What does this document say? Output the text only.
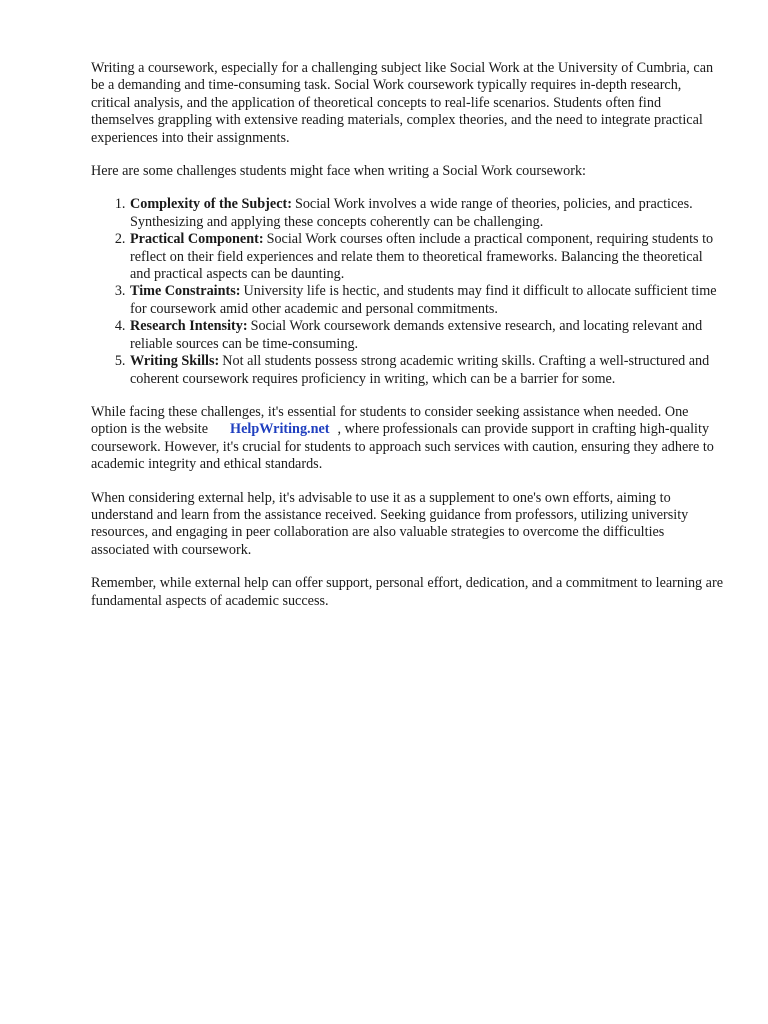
Writing a coursework, especially for a challenging subject like Social Work at the University of Cumbria, can be a demanding and time-consuming task. Social Work coursework typically requires in-depth research, critical analysis, and the application of theoretical concepts to real-life scenarios. Students often find themselves grappling with extensive reading materials, complex theories, and the need to integrate practical experiences into their assignments.

Here are some challenges students might face when writing a Social Work coursework:

1. Complexity of the Subject: Social Work involves a wide range of theories, policies, and practices. Synthesizing and applying these concepts coherently can be challenging.
2. Practical Component: Social Work courses often include a practical component, requiring students to reflect on their field experiences and relate them to theoretical frameworks. Balancing the theoretical and practical aspects can be daunting.
3. Time Constraints: University life is hectic, and students may find it difficult to allocate sufficient time for coursework amid other academic and personal commitments.
4. Research Intensity: Social Work coursework demands extensive research, and locating relevant and reliable sources can be time-consuming.
5. Writing Skills: Not all students possess strong academic writing skills. Crafting a well-structured and coherent coursework requires proficiency in writing, which can be a barrier for some.

While facing these challenges, it's essential for students to consider seeking assistance when needed. One option is the website HelpWriting.net , where professionals can provide support in crafting high-quality coursework. However, it's crucial for students to approach such services with caution, ensuring they adhere to academic integrity and ethical standards.

When considering external help, it's advisable to use it as a supplement to one's own efforts, aiming to understand and learn from the assistance received. Seeking guidance from professors, utilizing university resources, and engaging in peer collaboration are also valuable strategies to overcome the difficulties associated with coursework.

Remember, while external help can offer support, personal effort, dedication, and a commitment to learning are fundamental aspects of academic success.
